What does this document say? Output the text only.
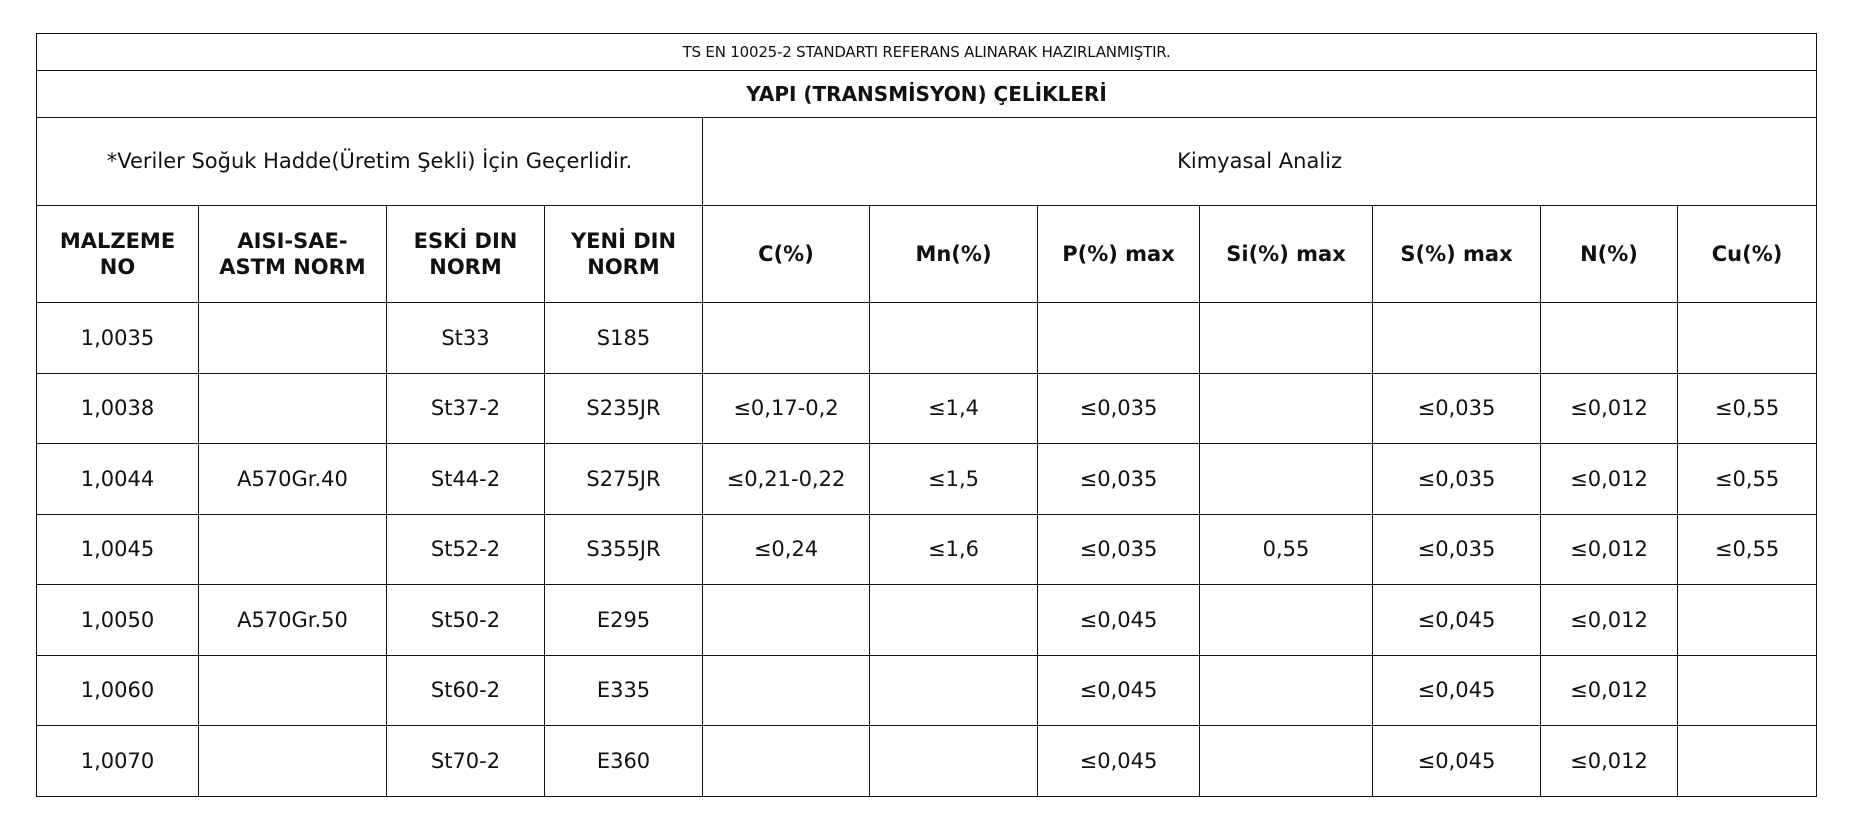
TS EN 10025-2 STANDARTI REFERANS ALINARAK HAZIRLANMIŞTIR.										
YAPI (TRANSMİSYON) ÇELİKLERİ										
*Veriler Soğuk Hadde(Üretim Şekli) İçin Geçerlidir.				Kimyasal Analiz						
MALZEME NO	AISI-SAE-ASTM NORM	ESKİ DIN NORM	YENİ DIN NORM	C(%)	Mn(%)	P(%) max	Si(%) max	S(%) max	N(%)	Cu(%)
1,0035		St33	S185							
1,0038		St37-2	S235JR	≤0,17-0,2	≤1,4	≤0,035		≤0,035	≤0,012	≤0,55
1,0044	A570Gr.40	St44-2	S275JR	≤0,21-0,22	≤1,5	≤0,035		≤0,035	≤0,012	≤0,55
1,0045		St52-2	S355JR	≤0,24	≤1,6	≤0,035	0,55	≤0,035	≤0,012	≤0,55
1,0050	A570Gr.50	St50-2	E295			≤0,045		≤0,045	≤0,012	
1,0060		St60-2	E335			≤0,045		≤0,045	≤0,012	
1,0070		St70-2	E360			≤0,045		≤0,045	≤0,012	
